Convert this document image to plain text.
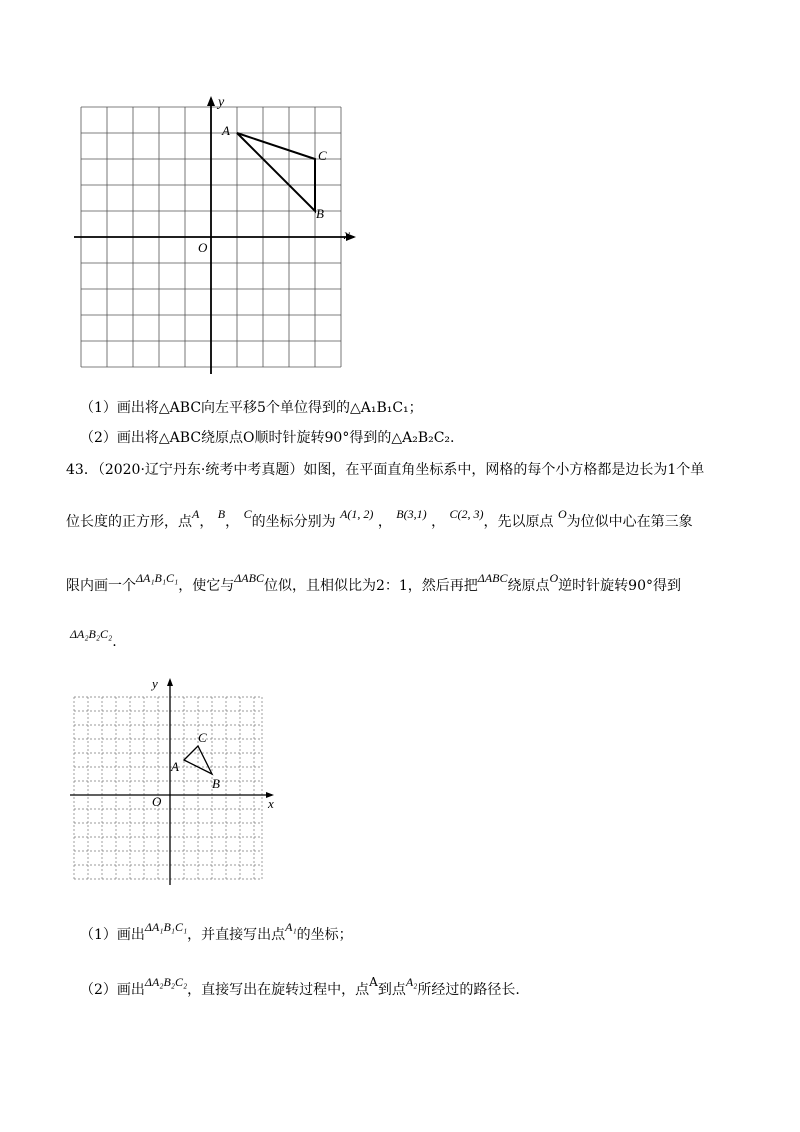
y
x
O
A
C
B
（1）画出将△ABC向左平移5个单位得到的△A₁B₁C₁；
（2）画出将△ABC绕原点O顺时针旋转90°得到的△A₂B₂C₂.
43．（2020·辽宁丹东·统考中考真题）如图，在平面直角坐标系中，网格的每个小方格都是边长为1个单
位长度的正方形，点A， B， C的坐标分别为 A(1, 2) ， B(3,1) ， C(2, 3)，先以原点 O为位似中心在第三象
限内画一个ΔA₁B₁C₁，使它与ΔABC位似，且相似比为2：1，然后再把ΔABC绕原点O逆时针旋转90°得到
ΔA₂B₂C₂.
y
x
O
A
C
B
（1）画出ΔA₁B₁C₁，并直接写出点A₁的坐标；
（2）画出ΔA₂B₂C₂，直接写出在旋转过程中，点A到点A₂所经过的路径长.
